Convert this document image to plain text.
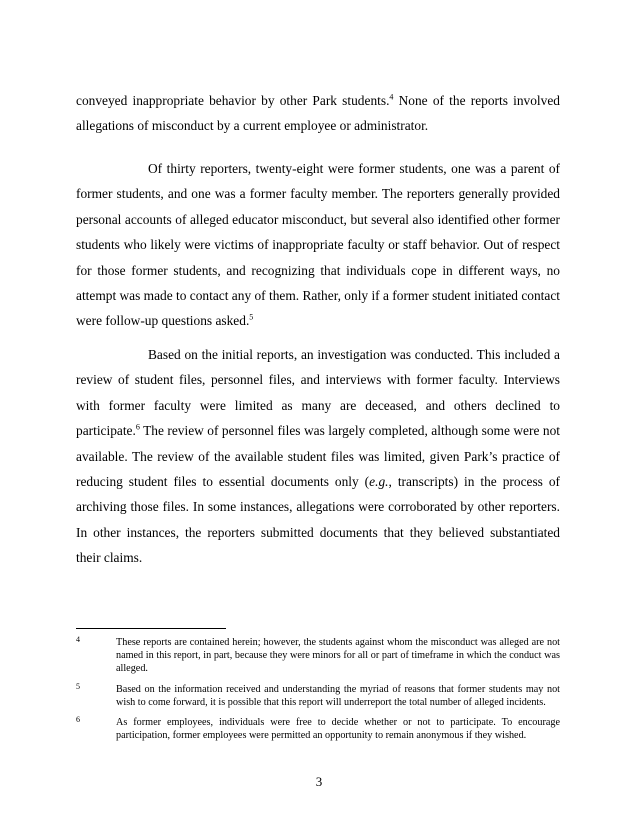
conveyed inappropriate behavior by other Park students.$^4$ None of the reports involved allegations of misconduct by a current employee or administrator.

Of thirty reporters, twenty-eight were former students, one was a parent of former students, and one was a former faculty member. The reporters generally provided personal accounts of alleged educator misconduct, but several also identified other former students who likely were victims of inappropriate faculty or staff behavior. Out of respect for those former students, and recognizing that individuals cope in different ways, no attempt was made to contact any of them. Rather, only if a former student initiated contact were follow-up questions asked.$^5$

Based on the initial reports, an investigation was conducted. This included a review of student files, personnel files, and interviews with former faculty. Interviews with former faculty were limited as many are deceased, and others declined to participate.$^6$ The review of personnel files was largely completed, although some were not available. The review of the available student files was limited, given Park’s practice of reducing student files to essential documents only (e.g., transcripts) in the process of archiving those files. In some instances, allegations were corroborated by other reporters. In other instances, the reporters submitted documents that they believed substantiated their claims.

4	These reports are contained herein; however, the students against whom the misconduct was alleged are not named in this report, in part, because they were minors for all or part of timeframe in which the conduct was alleged.
5	Based on the information received and understanding the myriad of reasons that former students may not wish to come forward, it is possible that this report will underreport the total number of alleged incidents.
6	As former employees, individuals were free to decide whether or not to participate. To encourage participation, former employees were permitted an opportunity to remain anonymous if they wished.
3
